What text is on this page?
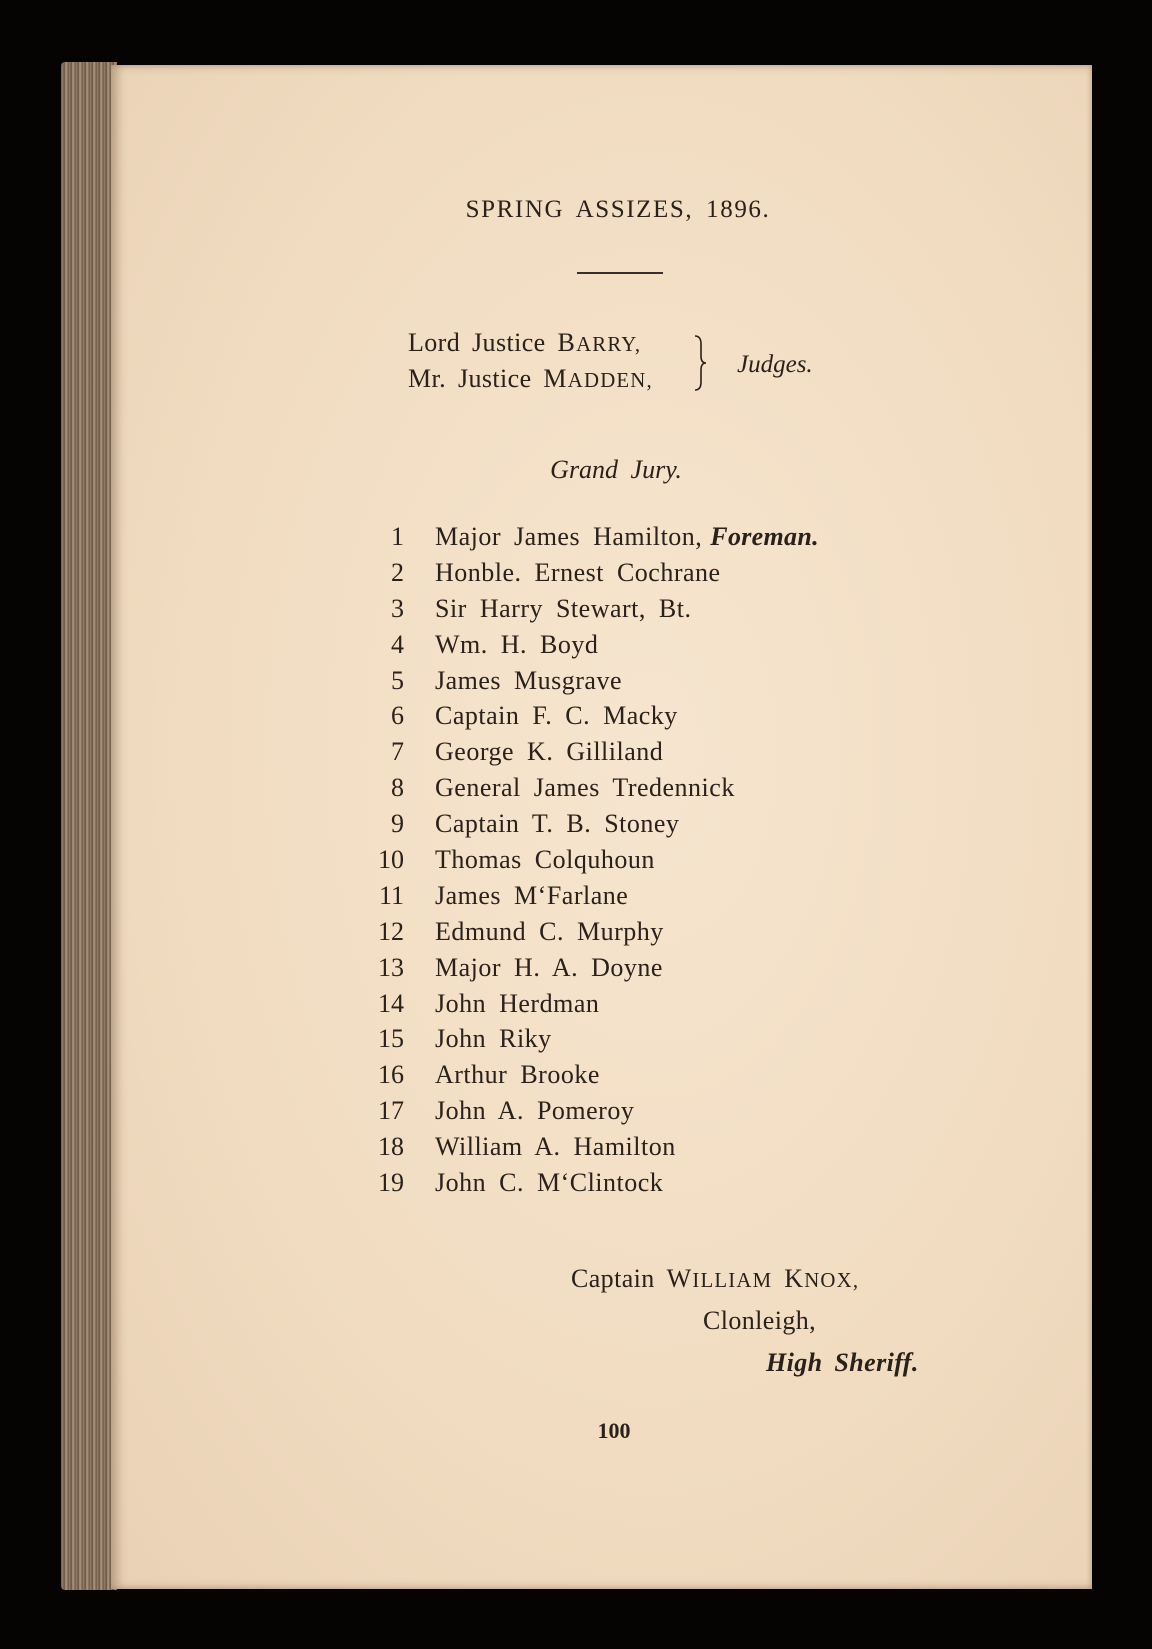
SPRING ASSIZES, 1896.
Lord Justice BARRY,
Mr. Justice MADDEN,
Judges.
Grand Jury.
1 Major James Hamilton, Foreman.
2 Honble. Ernest Cochrane
3 Sir Harry Stewart, Bt.
4 Wm. H. Boyd
5 James Musgrave
6 Captain F. C. Macky
7 George K. Gilliland
8 General James Tredennick
9 Captain T. B. Stoney
10 Thomas Colquhoun
11 James M‘Farlane
12 Edmund C. Murphy
13 Major H. A. Doyne
14 John Herdman
15 John Riky
16 Arthur Brooke
17 John A. Pomeroy
18 William A. Hamilton
19 John C. M‘Clintock
Captain WILLIAM KNOX,
Clonleigh,
High Sheriff.
100
